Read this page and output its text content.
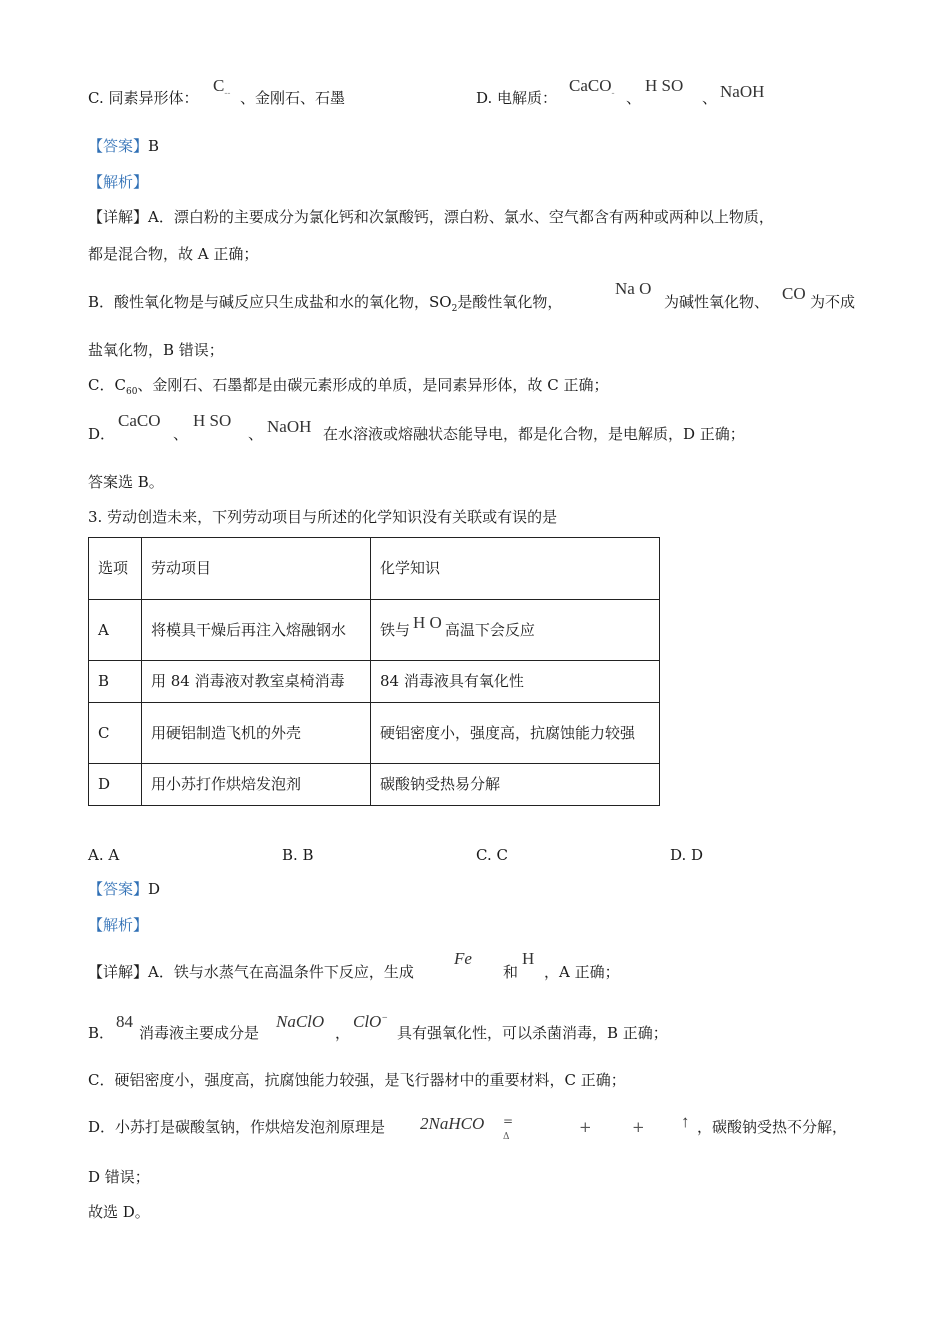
C. 同素异形体：
$C_{--}$ 、金刚石、石墨	D. 电解质：
CaCO$_-$ 、
H SO
、 NaOH
【答案】B
【解析】
【详解】A．漂白粉的主要成分为氯化钙和次氯酸钙，漂白粉、氯水、空气都含有两种或两种以上物质，
都是混合物，故 A 正确；
B．酸性氧化物是与碱反应只生成盐和水的氧化物，$SO_2$是酸性氧化物，
Na O
为碱性氧化物、 CO 为不成
盐氧化物，B 错误；
C．$C_{60}$、金刚石、石墨都是由碳元素形成的单质，是同素异形体，故 C 正确；
D．
CaCO
、
H SO
、 NaOH 在水溶液或熔融状态能导电，都是化合物，是电解质，D 正确；
答案选 B。
3. 劳动创造未来，下列劳动项目与所述的化学知识没有关联或有误的是
选项	劳动项目	化学知识
A	将模具干燥后再注入熔融钢水	铁与 H O 高温下会反应
B	用 84 消毒液对教室桌椅消毒	84 消毒液具有氧化性
C	用硬铝制造飞机的外壳	硬铝密度小，强度高，抗腐蚀能力较强
D	用小苏打作烘焙发泡剂	碳酸钠受热易分解
A. A	B. B	C. C	D. D
【答案】D
【解析】
【详解】A．铁与水蒸气在高温条件下反应，生成
Fe
和
H
，A 正确；
B．
84
消毒液主要成分是
NaClO
，
ClO−
具有强氧化性，可以杀菌消毒，B 正确；
C．硬铝密度小，强度高，抗腐蚀能力较强，是飞行器材中的重要材料，C 正确；
D．小苏打是碳酸氢钠，作烘焙发泡剂原理是 2NaHCO =
Δ
+	+ ↑ ，碳酸钠受热不分解，
D 错误；
故选 D。
